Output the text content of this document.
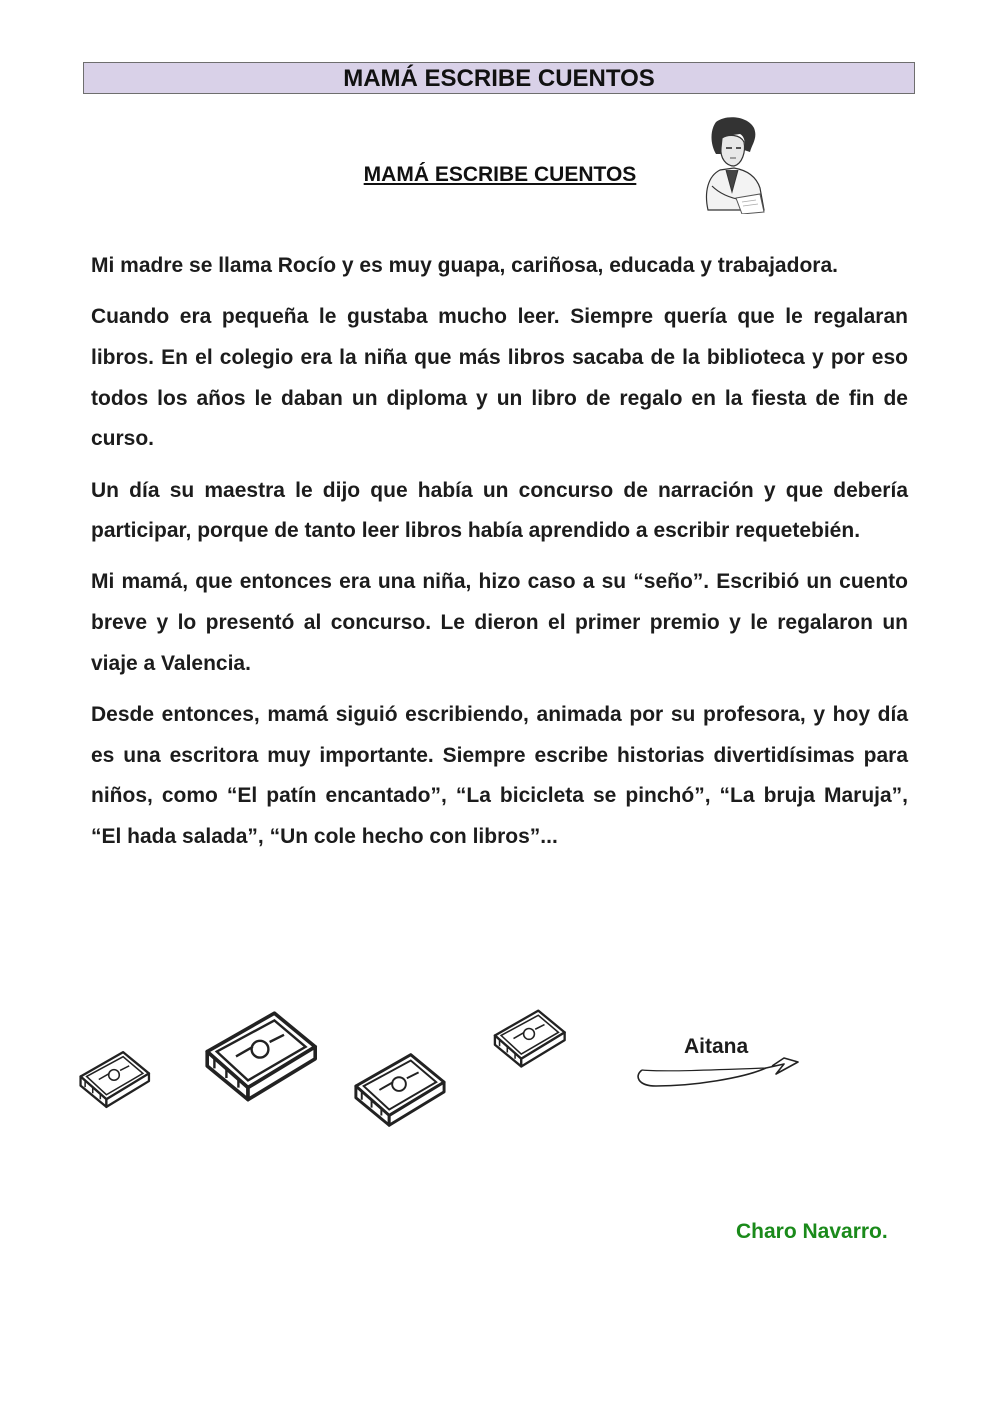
MAMÁ ESCRIBE CUENTOS
MAMÁ ESCRIBE CUENTOS

Mi madre se llama Rocío y es muy guapa, cariñosa, educada y trabajadora.

Cuando era pequeña le gustaba mucho leer. Siempre quería que le regalaran libros. En el colegio era la niña que más libros sacaba de la biblioteca y por eso todos los años le daban un diploma y un libro de regalo en la fiesta de fin de curso.

Un día su maestra le dijo que había un concurso de narración y que debería participar, porque de tanto leer libros había aprendido a escribir requetebién.

Mi mamá, que entonces era una niña, hizo caso a su “seño”. Escribió un cuento breve y lo presentó al concurso. Le dieron el primer premio y le regalaron un viaje a Valencia.

Desde entonces, mamá siguió escribiendo, animada por su profesora, y hoy día es una escritora muy importante. Siempre escribe historias divertidísimas para niños, como “El patín encantado”, “La bicicleta se pinchó”, “La bruja Maruja”, “El hada salada”, “Un cole hecho con libros”...

Aitana
Charo Navarro.
